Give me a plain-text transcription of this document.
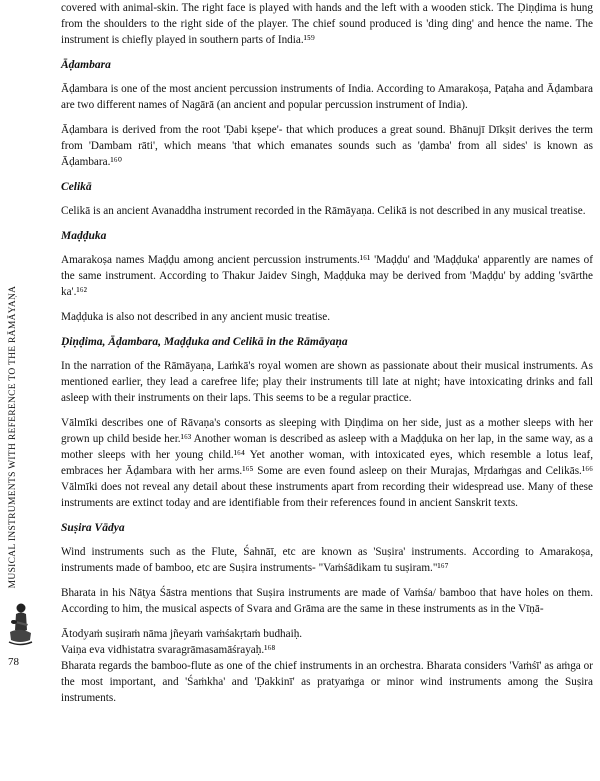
MUSICAL INSTRUMENTS WITH REFERENCE TO THE RĀMĀYAṆA
78
covered with animal-skin. The right face is played with hands and the left with a wooden stick. The Ḍiṇḍima is hung from the shoulders to the right side of the player. The chief sound produced is 'ding ding' and hence the name. The instrument is chiefly played in southern parts of India.¹⁵⁹
Āḍambara
Āḍambara is one of the most ancient percussion instruments of India. According to Amarakoṣa, Paṭaha and Āḍambara are two different names of Nagārā (an ancient and popular percussion instrument of India).
Āḍambara is derived from the root 'Ḍabi kṣepe'- that which produces a great sound. Bhānujī Dīkṣit derives the term from 'Dambam rāti', which means 'that which emanates sounds such as 'ḍamba' from all sides' is known as Āḍambara.¹⁶⁰
Celikā
Celikā is an ancient Avanaddha instrument recorded in the Rāmāyaṇa. Celikā is not described in any musical treatise.
Maḍḍuka
Amarakoṣa names Maḍḍu among ancient percussion instruments.¹⁶¹ 'Maḍḍu' and 'Maḍḍuka' apparently are names of the same instrument. According to Thakur Jaidev Singh, Maḍḍuka may be derived from 'Maḍḍu' by adding 'svārthe ka'.¹⁶²
Maḍḍuka is also not described in any ancient music treatise.
Ḍiṇḍima, Āḍambara, Maḍḍuka and Celikā in the Rāmāyaṇa
In the narration of the Rāmāyaṇa, Laṁkā's royal women are shown as passionate about their musical instruments. As mentioned earlier, they lead a carefree life; play their instruments till late at night; have intoxicating drinks and fall asleep with their instruments on their laps. This seems to be a regular practice.
Vālmīki describes one of Rāvaṇa's consorts as sleeping with Ḍiṇḍima on her side, just as a mother sleeps with her grown up child beside her.¹⁶³ Another woman is described as asleep with a Maḍḍuka on her lap, in the same way, as a mother sleeps with her young child.¹⁶⁴ Yet another woman, with intoxicated eyes, which resemble a lotus leaf, embraces her Āḍambara with her arms.¹⁶⁵ Some are even found asleep on their Murajas, Mṛdaṁgas and Celikās.¹⁶⁶ Vālmīki does not reveal any detail about these instruments apart from recording their widespread use. Many of these instruments are extinct today and are identifiable from their references found in ancient Sanskrit texts.
Suṣira Vādya
Wind instruments such as the Flute, Śahnāī, etc are known as 'Suṣira' instruments. According to Amarakoṣa, instruments made of bamboo, etc are Suṣira instruments- "Vaṁśādikam tu suṣiram."¹⁶⁷
Bharata in his Nāṭya Śāstra mentions that Suṣira instruments are made of Vaṁśa/ bamboo that have holes on them. According to him, the musical aspects of Svara and Grāma are the same in these instruments as in the Vīṇā-
Ātodyaṁ suṣiraṁ nāma jñeyaṁ vaṁśakṛtaṁ budhaiḥ.
Vaiṇa eva vidhistatra svaragrāmasamāśrayaḥ.¹⁶⁸
Bharata regards the bamboo-flute as one of the chief instruments in an orchestra. Bharata considers 'Vaṁśī' as aṁga or the most important, and 'Śaṁkha' and 'Ḍakkinī' as pratyaṁga or minor wind instruments among the Suṣira instruments.
